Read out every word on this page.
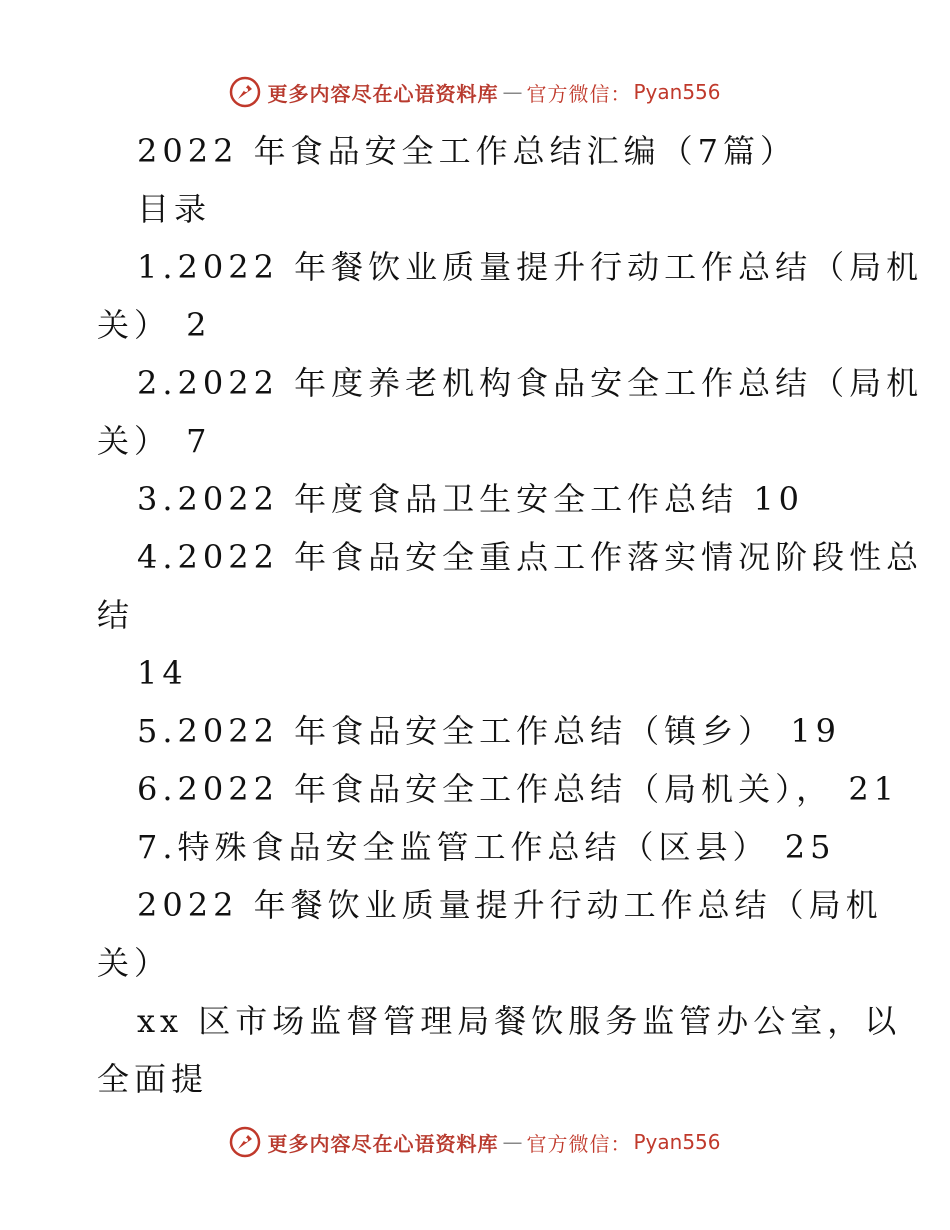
更多内容尽在心语资料库 — 官方微信： Pyan556
2022 年食品安全工作总结汇编（7篇）
目录
1.2022 年餐饮业质量提升行动工作总结（局机
关） 2
2.2022 年度养老机构食品安全工作总结（局机
关） 7
3.2022 年度食品卫生安全工作总结 10
4.2022 年食品安全重点工作落实情况阶段性总
结
14
5.2022 年食品安全工作总结（镇乡） 19
6.2022 年食品安全工作总结（局机关）， 21
7.特殊食品安全监管工作总结（区县） 25
2022 年餐饮业质量提升行动工作总结（局机
关）
xx 区市场监督管理局餐饮服务监管办公室，以
全面提
更多内容尽在心语资料库 — 官方微信： Pyan556
